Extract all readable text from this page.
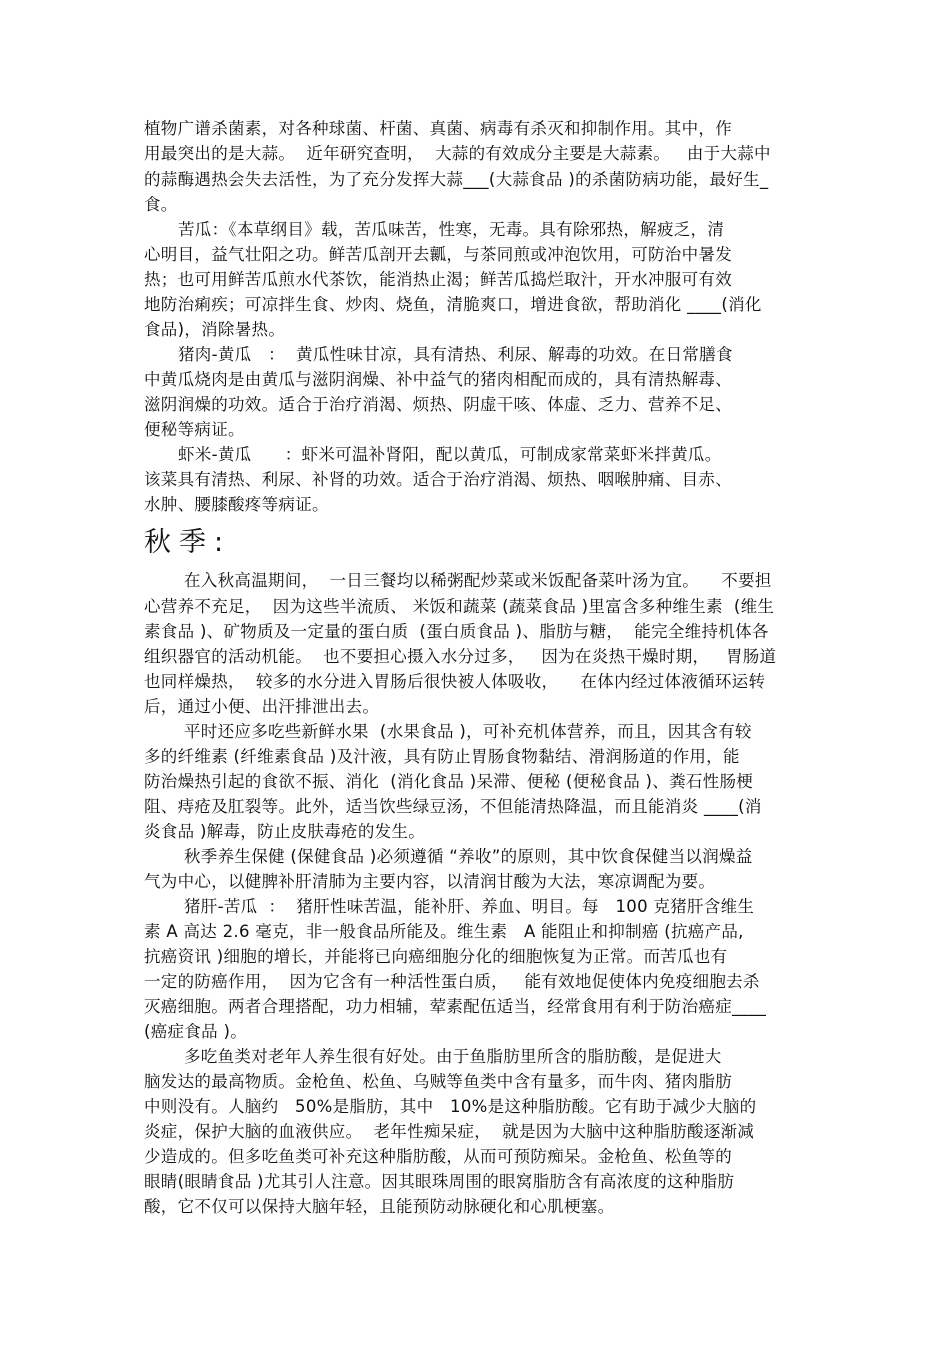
植物广谱杀菌素，对各种球菌、杆菌、真菌、病毒有杀灭和抑制作用。其中，作

用最突出的是大蒜。  近年研究查明，  大蒜的有效成分主要是大蒜素。   由于大蒜中

的蒜酶遇热会失去活性，为了充分发挥大蒜___(大蒜食品 )的杀菌防病功能，最好生_

食。

苦瓜：《本草纲目》载，苦瓜味苦，性寒，无毒。具有除邪热，解疲乏，清

心明目，益气壮阳之功。鲜苦瓜剖开去瓤，与茶同煎或冲泡饮用，可防治中暑发

热；也可用鲜苦瓜煎水代茶饮，能消热止渴；鲜苦瓜捣烂取汁，开水冲服可有效

地防治痢疾；可凉拌生食、炒肉、烧鱼，清脆爽口，增进食欲，帮助消化 ____(消化

食品)，消除暑热。

猪肉-黄瓜   ：  黄瓜性味甘凉，具有清热、利尿、解毒的功效。在日常膳食

中黄瓜烧肉是由黄瓜与滋阴润燥、补中益气的猪肉相配而成的，具有清热解毒、

滋阴润燥的功效。适合于治疗消渴、烦热、阴虚干咳、体虚、乏力、营养不足、

便秘等病证。

虾米-黄瓜      ：虾米可温补肾阳，配以黄瓜，可制成家常菜虾米拌黄瓜。

该菜具有清热、利尿、补肾的功效。适合于治疗消渴、烦热、咽喉肿痛、目赤、

水肿、腰膝酸疼等病证。

秋季:

在入秋高温期间，  一日三餐均以稀粥配炒菜或米饭配备菜叶汤为宜。    不要担

心营养不充足，  因为这些半流质、 米饭和蔬菜 (蔬菜食品 )里富含多种维生素  (维生

素食品 )、矿物质及一定量的蛋白质  (蛋白质食品 )、脂肪与糖，  能完全维持机体各

组织器官的活动机能。  也不要担心摄入水分过多，   因为在炎热干燥时期，   胃肠道

也同样燥热，  较多的水分进入胃肠后很快被人体吸收，    在体内经过体液循环运转

后，通过小便、出汗排泄出去。

平时还应多吃些新鲜水果  (水果食品 )，可补充机体营养，而且，因其含有较

多的纤维素 (纤维素食品 )及汁液，具有防止胃肠食物黏结、滑润肠道的作用，能

防治燥热引起的食欲不振、消化  (消化食品 )呆滞、便秘 (便秘食品 )、粪石性肠梗

阻、痔疮及肛裂等。此外，适当饮些绿豆汤，不但能清热降温，而且能消炎 ____(消

炎食品 )解毒，防止皮肤毒疮的发生。

秋季养生保健 (保健食品 )必须遵循 “养收”的原则，其中饮食保健当以润燥益

气为中心，以健脾补肝清肺为主要内容，以清润甘酸为大法，寒凉调配为要。

猪肝-苦瓜  ：  猪肝性味苦温，能补肝、养血、明目。每   100 克猪肝含维生

素 A 高达 2.6 毫克，非一般食品所能及。维生素   A 能阻止和抑制癌 (抗癌产品,

抗癌资讯 )细胞的增长，并能将已向癌细胞分化的细胞恢复为正常。而苦瓜也有

一定的防癌作用，  因为它含有一种活性蛋白质，   能有效地促使体内免疫细胞去杀

灭癌细胞。两者合理搭配，功力相辅，荤素配伍适当，经常食用有利于防治癌症____

(癌症食品 )。

多吃鱼类对老年人养生很有好处。由于鱼脂肪里所含的脂肪酸，是促进大

脑发达的最高物质。金枪鱼、松鱼、乌贼等鱼类中含有量多，而牛肉、猪肉脂肪

中则没有。人脑约   50%是脂肪，其中   10%是这种脂肪酸。它有助于减少大脑的

炎症，保护大脑的血液供应。  老年性痴呆症，  就是因为大脑中这种脂肪酸逐渐减

少造成的。但多吃鱼类可补充这种脂肪酸，从而可预防痴呆。金枪鱼、松鱼等的

眼睛(眼睛食品 )尤其引人注意。因其眼珠周围的眼窝脂肪含有高浓度的这种脂肪

酸，它不仅可以保持大脑年轻，且能预防动脉硬化和心肌梗塞。
